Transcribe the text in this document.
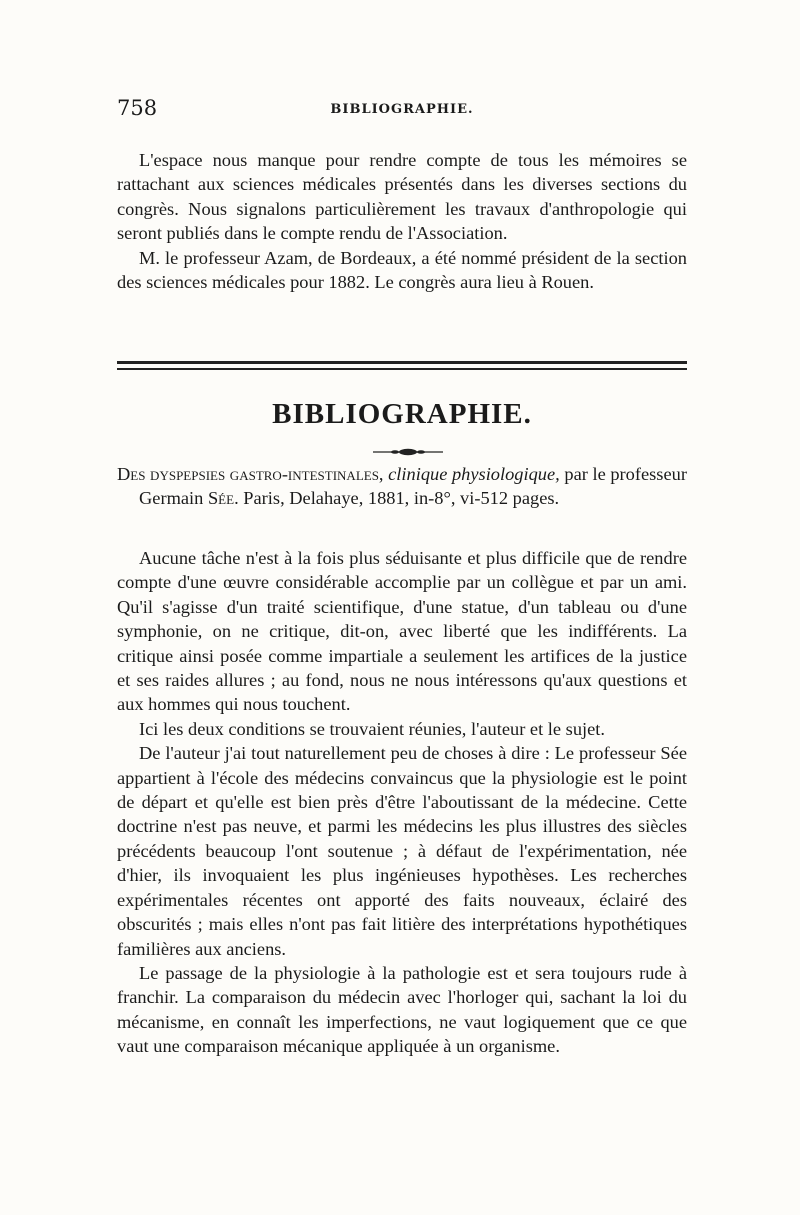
758	BIBLIOGRAPHIE.

L'espace nous manque pour rendre compte de tous les mémoires se rattachant aux sciences médicales présentés dans les diverses sections du congrès. Nous signalons particulièrement les travaux d'anthropologie qui seront publiés dans le compte rendu de l'Association.

M. le professeur Azam, de Bordeaux, a été nommé président de la section des sciences médicales pour 1882. Le congrès aura lieu à Rouen.

BIBLIOGRAPHIE.
Des dyspepsies gastro-intestinales, clinique physiologique, par le professeur Germain Sée. Paris, Delahaye, 1881, in-8°, vi-512 pages.

Aucune tâche n'est à la fois plus séduisante et plus difficile que de rendre compte d'une œuvre considérable accomplie par un collègue et par un ami. Qu'il s'agisse d'un traité scientifique, d'une statue, d'un tableau ou d'une symphonie, on ne critique, dit-on, avec liberté que les indifférents. La critique ainsi posée comme impartiale a seulement les artifices de la justice et ses raides allures ; au fond, nous ne nous intéressons qu'aux questions et aux hommes qui nous touchent.

Ici les deux conditions se trouvaient réunies, l'auteur et le sujet.

De l'auteur j'ai tout naturellement peu de choses à dire : Le professeur Sée appartient à l'école des médecins convaincus que la physiologie est le point de départ et qu'elle est bien près d'être l'aboutissant de la médecine. Cette doctrine n'est pas neuve, et parmi les médecins les plus illustres des siècles précédents beaucoup l'ont soutenue ; à défaut de l'expérimentation, née d'hier, ils invoquaient les plus ingénieuses hypothèses. Les recherches expérimentales récentes ont apporté des faits nouveaux, éclairé des obscurités ; mais elles n'ont pas fait litière des interprétations hypothétiques familières aux anciens.

Le passage de la physiologie à la pathologie est et sera toujours rude à franchir. La comparaison du médecin avec l'horloger qui, sachant la loi du mécanisme, en connaît les imperfections, ne vaut logiquement que ce que vaut une comparaison mécanique appliquée à un organisme.
